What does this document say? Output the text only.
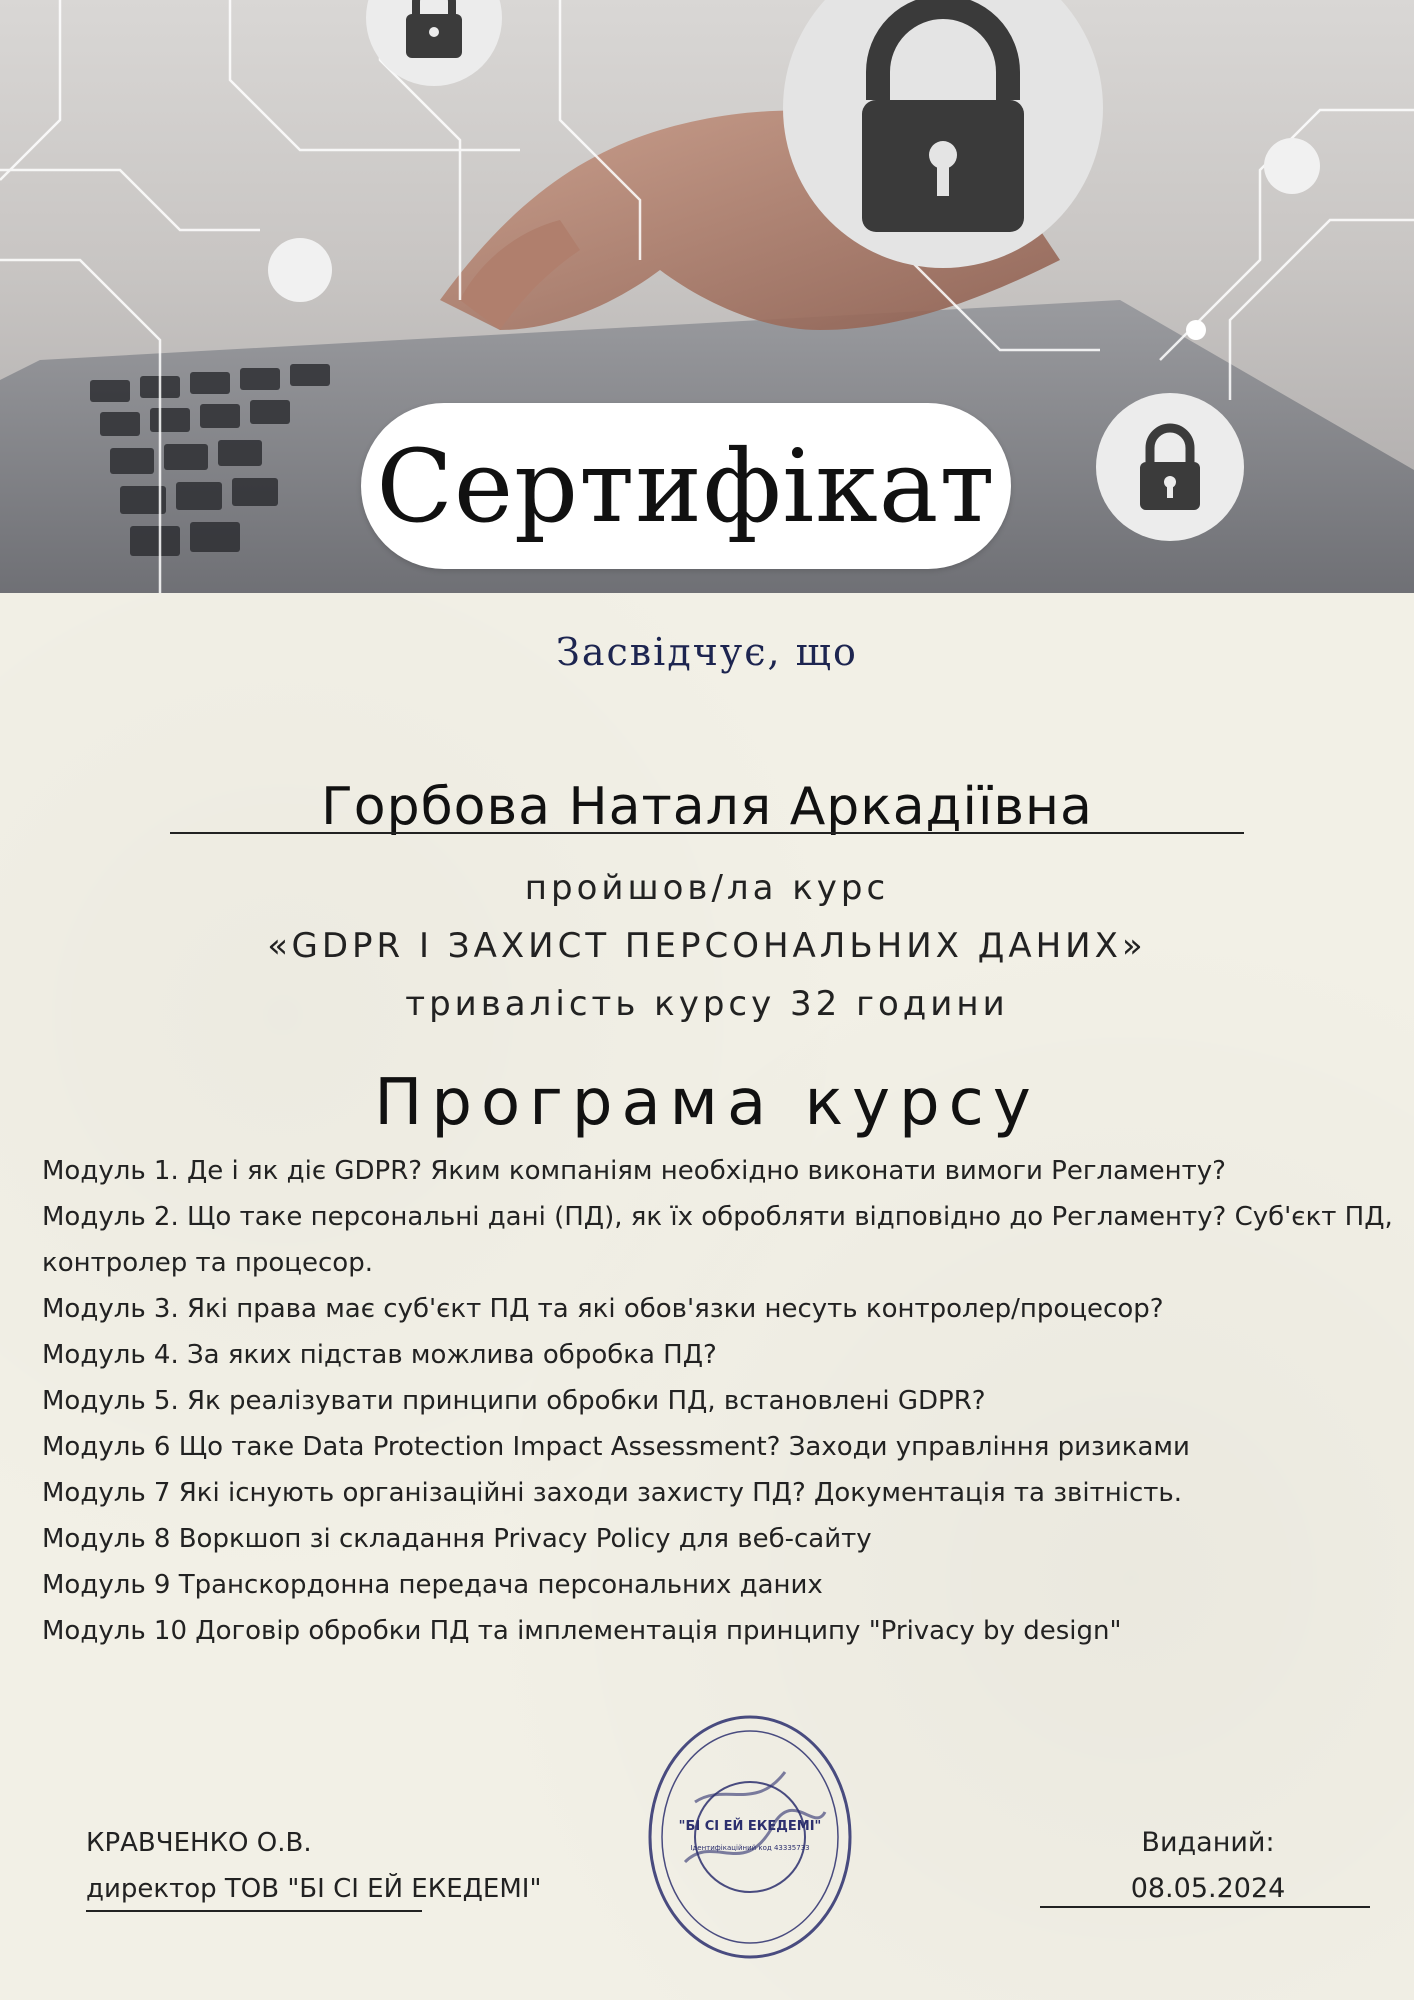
Сертифікат
Засвідчує, що
Горбова Наталя Аркадіївна
пройшов/ла курс
«GDPR І ЗАХИСТ ПЕРСОНАЛЬНИХ ДАНИХ»
тривалість курсу 32 години
Програма курсу
Модуль 1. Де і як діє GDPR? Яким компаніям необхідно виконати вимоги Регламенту?
Модуль 2. Що таке персональні дані (ПД), як їх обробляти відповідно до Регламенту? Суб'єкт ПД, контролер та процесор.
Модуль 3. Які права має суб'єкт ПД та які обов'язки несуть контролер/процесор?
Модуль 4. За яких підстав можлива обробка ПД?
Модуль 5. Як реалізувати принципи обробки ПД, встановлені GDPR?
Модуль 6 Що таке Data Protection Impact Assessment? Заходи управління ризиками
Модуль 7 Які існують організаційні заходи захисту ПД? Документація та звітність.
Модуль 8 Воркшоп зі складання Privacy Policy для веб-сайту
Модуль 9 Транскордонна передача персональних даних
Модуль 10 Договір обробки ПД та імплементація принципу "Privacy by design"
КРАВЧЕНКО О.В.
директор ТОВ "БІ СІ ЕЙ ЕКЕДЕМІ"
"БІ СІ ЕЙ ЕКЕДЕМІ"
Ідентифікаційний код 43335733	Виданий:
08.05.2024
